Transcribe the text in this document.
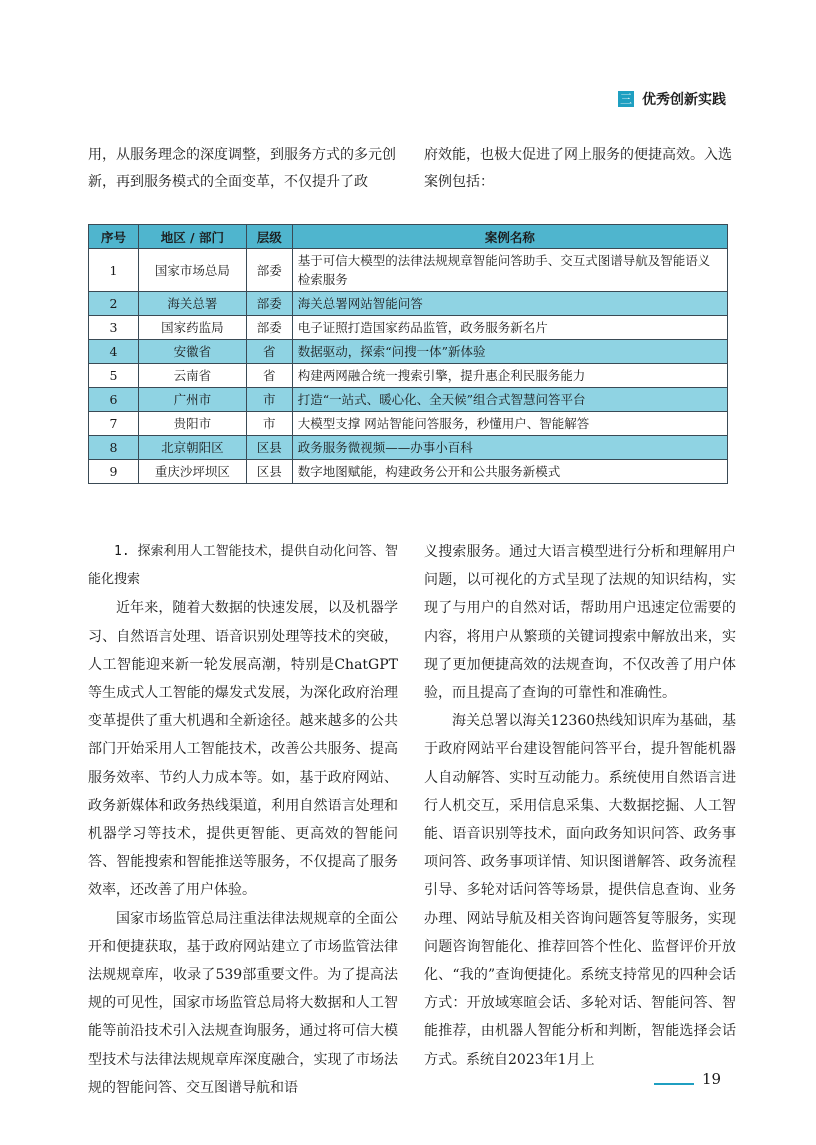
三 优秀创新实践
用，从服务理念的深度调整，到服务方式的多元创新，再到服务模式的全面变革，不仅提升了政
府效能，也极大促进了网上服务的便捷高效。入选案例包括：
序号	地区 / 部门	层级	案例名称
1	国家市场总局	部委	基于可信大模型的法律法规规章智能问答助手、交互式图谱导航及智能语义检索服务
2	海关总署	部委	海关总署网站智能问答
3	国家药监局	部委	电子证照打造国家药品监管，政务服务新名片
4	安徽省	省	数据驱动，探索“问搜一体”新体验
5	云南省	省	构建两网融合统一搜索引擎，提升惠企利民服务能力
6	广州市	市	打造“一站式、暖心化、全天候”组合式智慧问答平台
7	贵阳市	市	大模型支撑 网站智能问答服务，秒懂用户、智能解答
8	北京朝阳区	区县	政务服务微视频——办事小百科
9	重庆沙坪坝区	区县	数字地图赋能，构建政务公开和公共服务新模式

1. 探索利用人工智能技术，提供自动化问答、智能化搜索

近年来，随着大数据的快速发展，以及机器学习、自然语言处理、语音识别处理等技术的突破，人工智能迎来新一轮发展高潮，特别是ChatGPT等生成式人工智能的爆发式发展，为深化政府治理变革提供了重大机遇和全新途径。越来越多的公共部门开始采用人工智能技术，改善公共服务、提高服务效率、节约人力成本等。如，基于政府网站、政务新媒体和政务热线渠道，利用自然语言处理和机器学习等技术，提供更智能、更高效的智能问答、智能搜索和智能推送等服务，不仅提高了服务效率，还改善了用户体验。

国家市场监管总局注重法律法规规章的全面公开和便捷获取，基于政府网站建立了市场监管法律法规规章库，收录了539部重要文件。为了提高法规的可见性，国家市场监管总局将大数据和人工智能等前沿技术引入法规查询服务，通过将可信大模型技术与法律法规规章库深度融合，实现了市场法规的智能问答、交互图谱导航和语

义搜索服务。通过大语言模型进行分析和理解用户问题，以可视化的方式呈现了法规的知识结构，实现了与用户的自然对话，帮助用户迅速定位需要的内容，将用户从繁琐的关键词搜索中解放出来，实现了更加便捷高效的法规查询，不仅改善了用户体验，而且提高了查询的可靠性和准确性。

海关总署以海关12360热线知识库为基础，基于政府网站平台建设智能问答平台，提升智能机器人自动解答、实时互动能力。系统使用自然语言进行人机交互，采用信息采集、大数据挖掘、人工智能、语音识别等技术，面向政务知识问答、政务事项问答、政务事项详情、知识图谱解答、政务流程引导、多轮对话问答等场景，提供信息查询、业务办理、网站导航及相关咨询问题答复等服务，实现问题咨询智能化、推荐回答个性化、监督评价开放化、“我的”查询便捷化。系统支持常见的四种会话方式：开放域寒暄会话、多轮对话、智能问答、智能推荐，由机器人智能分析和判断，智能选择会话方式。系统自2023年1月上

19
